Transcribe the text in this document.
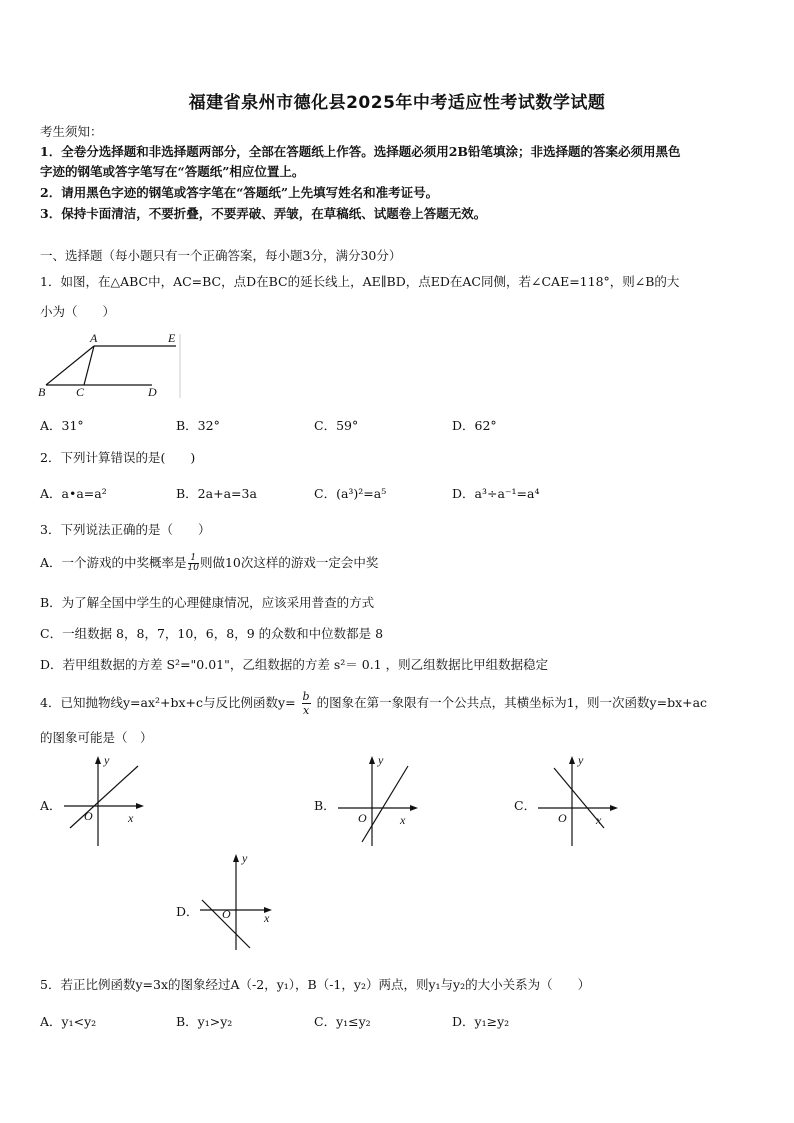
福建省泉州市德化县2025年中考适应性考试数学试题
考生须知：
1．全卷分选择题和非选择题两部分，全部在答题纸上作答。选择题必须用2B铅笔填涂；非选择题的答案必须用黑色
字迹的钢笔或答字笔写在“答题纸”相应位置上。
2．请用黑色字迹的钢笔或答字笔在“答题纸”上先填写姓名和准考证号。
3．保持卡面清洁，不要折叠，不要弄破、弄皱，在草稿纸、试题卷上答题无效。
一、选择题（每小题只有一个正确答案，每小题3分，满分30分）
1．如图，在△ABC中，AC=BC，点D在BC的延长线上，AE∥BD，点ED在AC同侧，若∠CAE=118°，则∠B的大
小为（　　）
A	E
B	C	D
A．31°	B．32°	C．59°	D．62°
2．下列计算错误的是(　　)
A．a•a=a²	B．2a+a=3a	C．(a³)²=a⁵	D．a³÷a⁻¹=a⁴
3．下列说法正确的是（　　）
A．一个游戏的中奖概率是 $\frac{1}{10}$ 则做10次这样的游戏一定会中奖
B．为了解全国中学生的心理健康情况，应该采用普查的方式
C．一组数据 8，8，7，10，6，8，9 的众数和中位数都是 8
D．若甲组数据的方差 S²="0.01"，乙组数据的方差 s²＝ 0.1 ，则乙组数据比甲组数据稳定
4．已知抛物线y=ax²+bx+c与反比例函数$y= \frac{b}{x}$ 的图象在第一象限有一个公共点，其横坐标为1，则一次函数y=bx+ac
的图象可能是（　）
A．
y
O	x
B．
y
O	x
C．
y
O x
D．
y
O	x
5．若正比例函数y=3x的图象经过A（-2，y₁），B（-1，y₂）两点，则y₁与y₂的大小关系为（　　）
A．y₁<y₂	B．y₁>y₂	C．y₁≤y₂	D．y₁≥y₂
